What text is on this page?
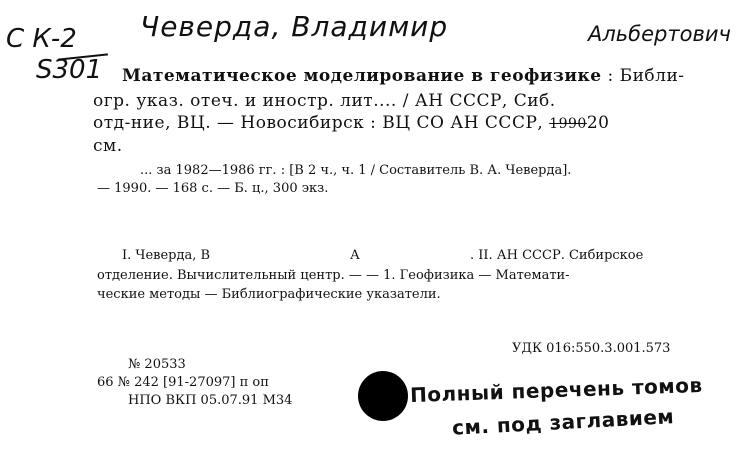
Чеверда, Владимир	Альбертович
С К-2
S301 Математическое моделирование в геофизике : Библи-
огр. указ. отеч. и иностр. лит.... / АН СССР, Сиб.
отд-ние, ВЦ. — Новосибирск : ВЦ СО АН СССР, 199020
см.
... за 1982—1986 гг. : [В 2 ч., ч. 1 / Составитель В. А. Чеверда].
— 1990. — 168 с. — Б. ц., 300 экз.
I. Чеверда, В	А	. II. АН СССР. Сибирское
отделение. Вычислительный центр. — — 1. Геофизика — Математи-
ческие методы — Библиографические указатели.
УДК 016:550.3.001.573
№ 20533
66 № 242 [91-27097] п оп
НПО ВКП 05.07.91 М34	Полный перечень томов
см. под заглавием
